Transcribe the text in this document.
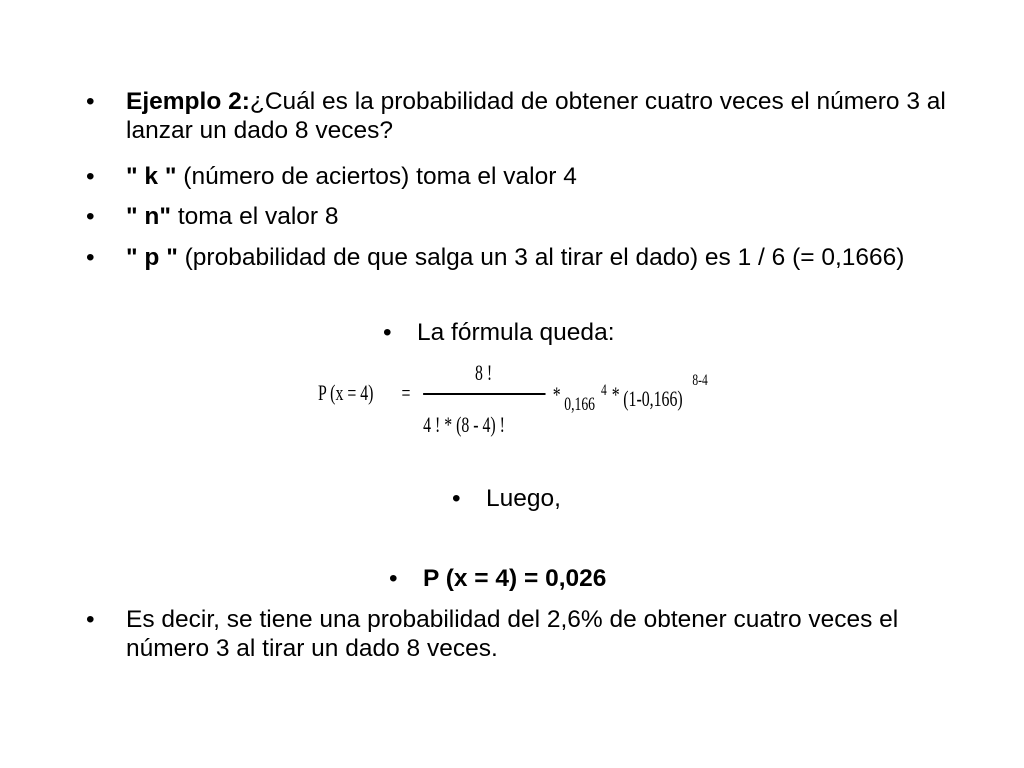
• Ejemplo 2:¿Cuál es la probabilidad de obtener cuatro veces el número 3 al lanzar un dado 8 veces?
• " k " (número de aciertos) toma el valor 4
• " n" toma el valor 8
• " p " (probabilidad de que salga un 3 al tirar el dado) es 1 / 6 (= 0,1666)
• La fórmula queda:
P (x = 4) =
8 !
4 ! * (8 - 4) !
* 0,166
4 * (1-0,166)
8-4
• Luego,
• P (x = 4) = 0,026
• Es decir, se tiene una probabilidad del 2,6% de obtener cuatro veces el número 3 al tirar un dado 8 veces.
